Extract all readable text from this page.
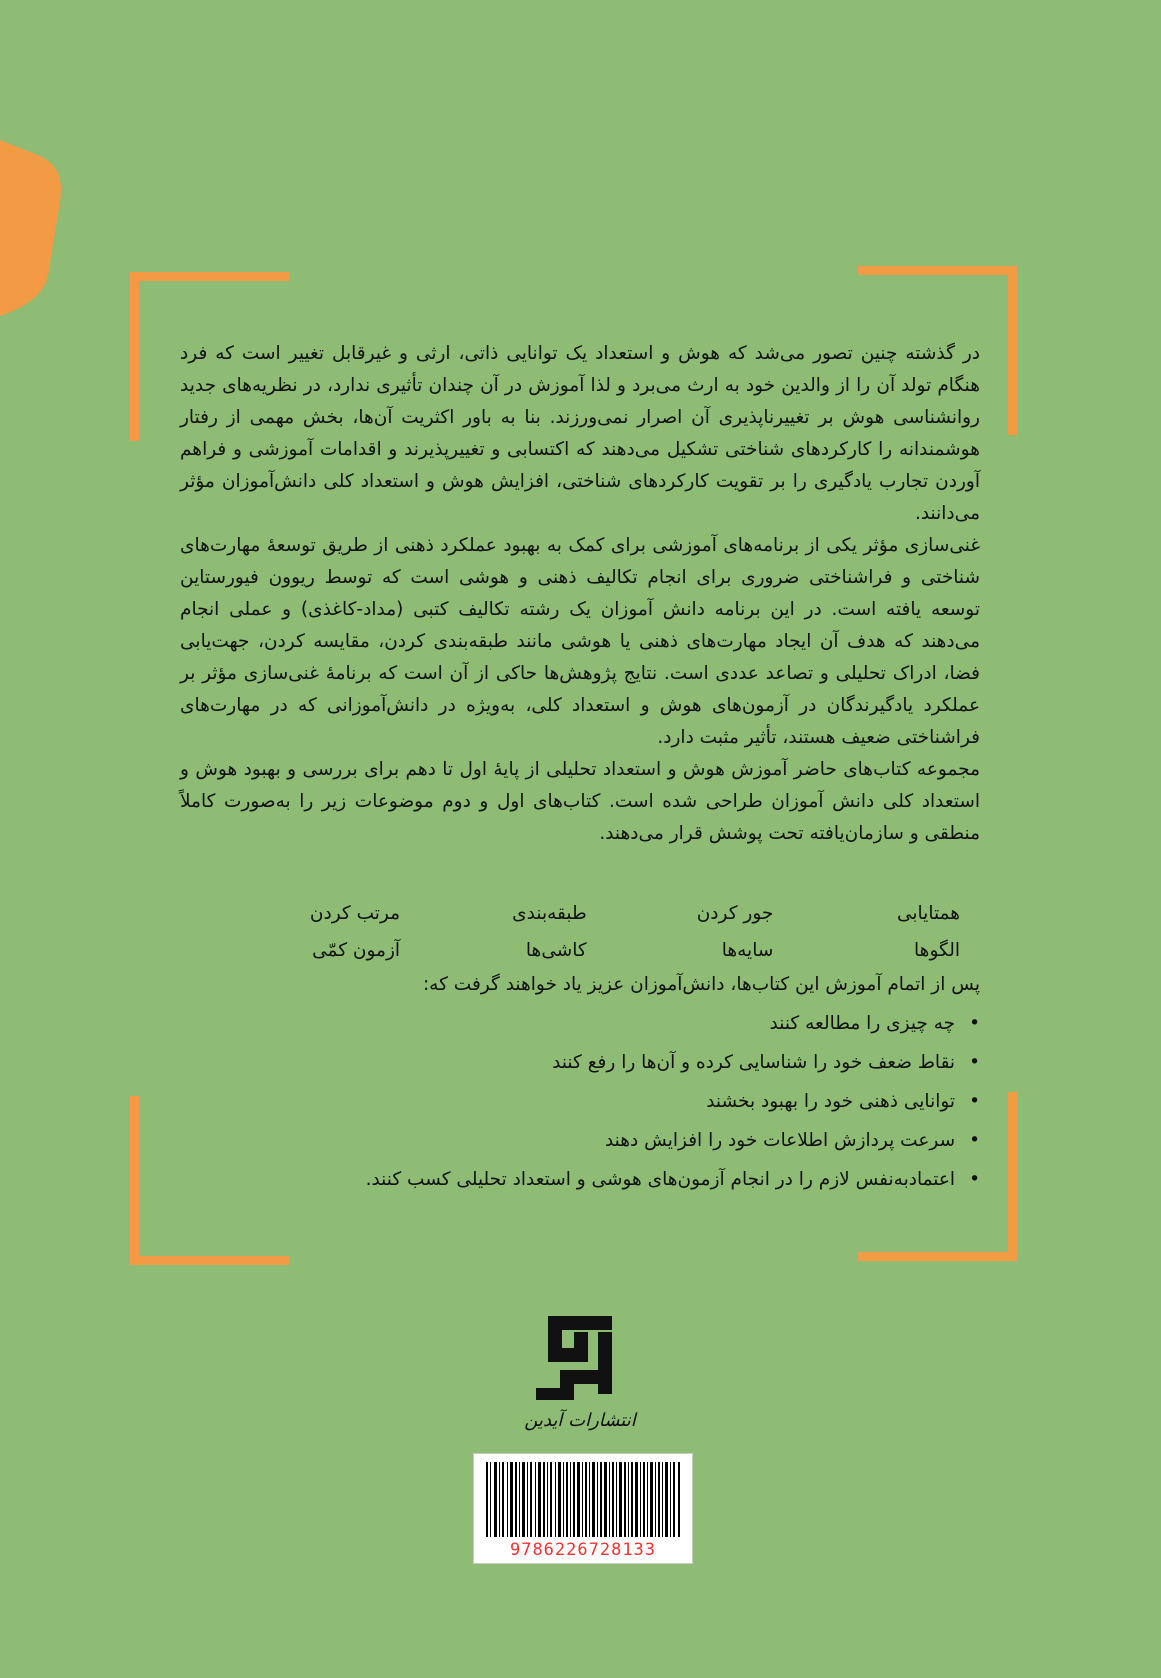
در گذشته چنین تصور می‌شد که هوش و استعداد یک توانایی ذاتی، ارثی و غیرقابل تغییر است که فرد هنگام تولد آن را از والدین خود به ارث می‌برد و لذا آموزش در آن چندان تأثیری ندارد، در نظریه‌های جدید روانشناسی هوش بر تغییرناپذیری آن اصرار نمی‌ورزند. بنا به باور اکثریت آن‌ها، بخش مهمی از رفتار هوشمندانه را کارکردهای شناختی تشکیل می‌دهند که اکتسابی و تغییرپذیرند و اقدامات آموزشی و فراهم آوردن تجارب یادگیری را بر تقویت کارکردهای شناختی، افزایش هوش و استعداد کلی دانش‌آموزان مؤثر می‌دانند.

غنی‌سازی مؤثر یکی از برنامه‌های آموزشی برای کمک به بهبود عملکرد ذهنی از طریق توسعهٔ مهارت‌های شناختی و فراشناختی ضروری برای انجام تکالیف ذهنی و هوشی است که توسط ریوون فیورستاین توسعه یافته است. در این برنامه دانش آموزان یک رشته تکالیف کتبی (مداد-کاغذی) و عملی انجام می‌دهند که هدف آن ایجاد مهارت‌های ذهنی یا هوشی مانند طبقه‌بندی کردن، مقایسه کردن، جهت‌یابی فضا، ادراک تحلیلی و تصاعد عددی است. نتایج پژوهش‌ها حاکی از آن است که برنامهٔ غنی‌سازی مؤثر بر عملکرد یادگیرندگان در آزمون‌های هوش و استعداد کلی، به‌ویژه در دانش‌آموزانی که در مهارت‌های فراشناختی ضعیف هستند، تأثیر مثبت دارد.

مجموعه کتاب‌های حاضر آموزش هوش و استعداد تحلیلی از پایهٔ اول تا دهم برای بررسی و بهبود هوش و استعداد کلی دانش آموزان طراحی شده است. کتاب‌های اول و دوم موضوعات زیر را به‌صورت کاملاً منطقی و سازمان‌یافته تحت پوشش قرار می‌دهند.

همتایابی
جور کردن
طبقه‌بندی
مرتب کردن
الگوها
سایه‌ها
کاشی‌ها
آزمون کمّی
پس از اتمام آموزش این کتاب‌ها، دانش‌آموزان عزیز یاد خواهند گرفت که:
• چه چیزی را مطالعه کنند
• نقاط ضعف خود را شناسایی کرده و آن‌ها را رفع کنند
• توانایی ذهنی خود را بهبود بخشند
• سرعت پردازش اطلاعات خود را افزایش دهند
• اعتمادبه‌نفس لازم را در انجام آزمون‌های هوشی و استعداد تحلیلی کسب کنند.
انتشارات آیدین
9786226728133
